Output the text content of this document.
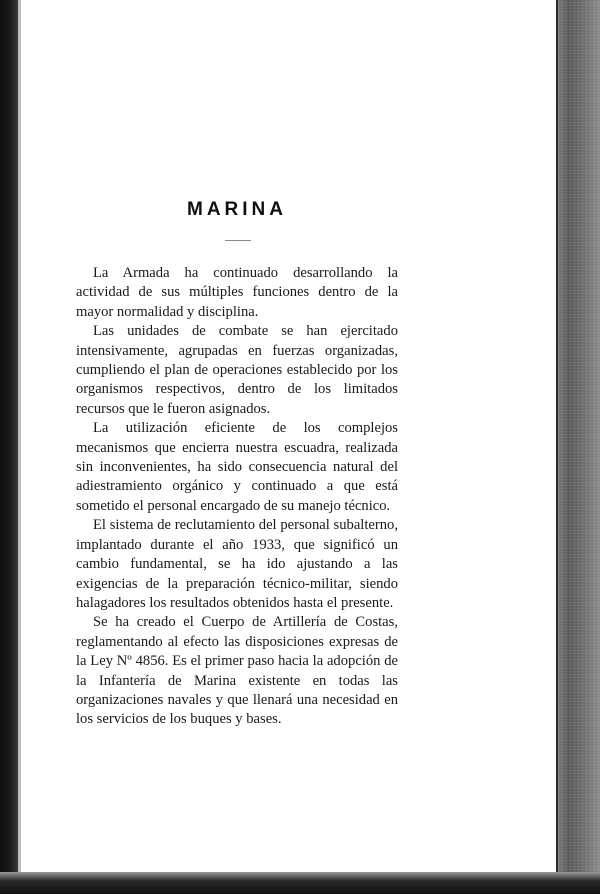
MARINA

La Armada ha continuado desarrollando la actividad de sus múltiples funciones dentro de la mayor normalidad y disciplina.

Las unidades de combate se han ejercitado intensivamente, agrupadas en fuerzas organizadas, cumpliendo el plan de operaciones establecido por los organismos respectivos, dentro de los limitados recursos que le fueron asignados.

La utilización eficiente de los complejos mecanismos que encierra nuestra escuadra, realizada sin inconvenientes, ha sido consecuencia natural del adiestramiento orgánico y continuado a que está sometido el personal encargado de su manejo técnico.

El sistema de reclutamiento del personal subalterno, implantado durante el año 1933, que significó un cambio fundamental, se ha ido ajustando a las exigencias de la preparación técnico-militar, siendo halagadores los resultados obtenidos hasta el presente.

Se ha creado el Cuerpo de Artillería de Costas, reglamentando al efecto las disposiciones expresas de la Ley Nº 4856. Es el primer paso hacia la adopción de la Infantería de Marina existente en todas las organizaciones navales y que llenará una necesidad en los servicios de los buques y bases.
